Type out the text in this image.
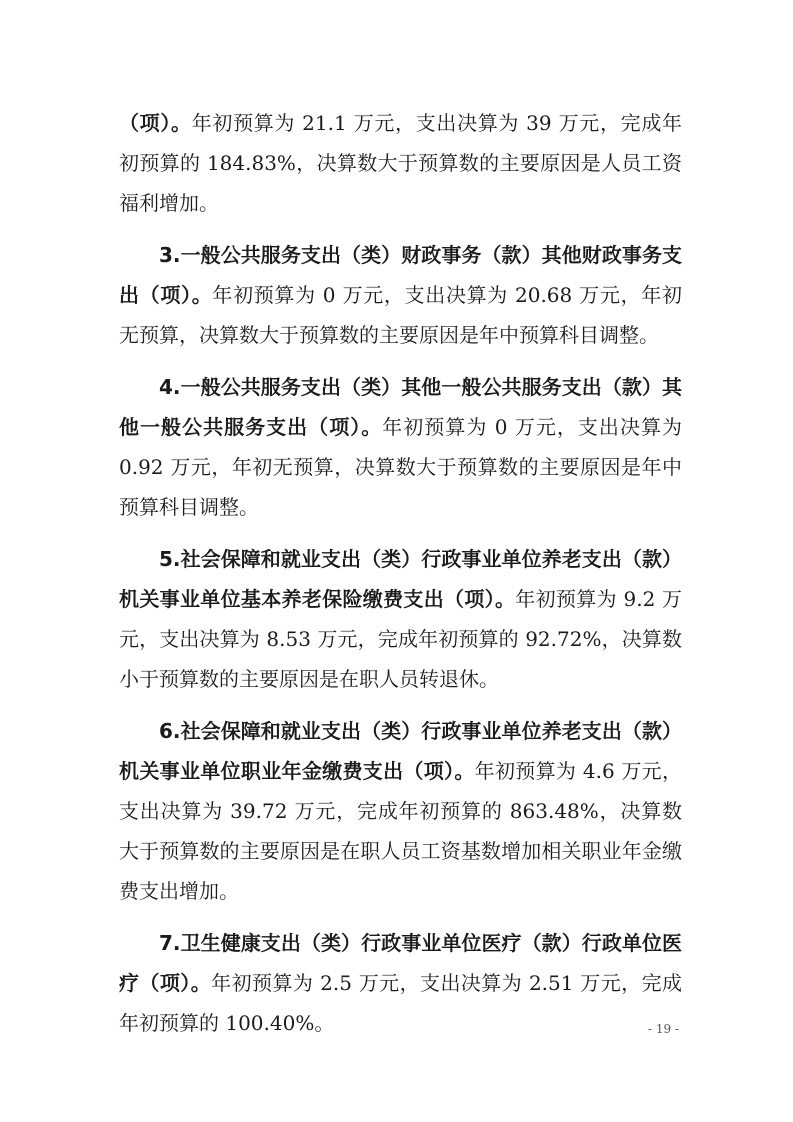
（项）。年初预算为 21.1 万元，支出决算为 39 万元，完成年初预算的 184.83%，决算数大于预算数的主要原因是人员工资福利增加。

3.一般公共服务支出（类）财政事务（款）其他财政事务支出（项）。年初预算为 0 万元，支出决算为 20.68 万元，年初无预算，决算数大于预算数的主要原因是年中预算科目调整。

4.一般公共服务支出（类）其他一般公共服务支出（款）其他一般公共服务支出（项）。年初预算为 0 万元，支出决算为 0.92 万元，年初无预算，决算数大于预算数的主要原因是年中预算科目调整。

5.社会保障和就业支出（类）行政事业单位养老支出（款）机关事业单位基本养老保险缴费支出（项）。年初预算为 9.2 万元，支出决算为 8.53 万元，完成年初预算的 92.72%，决算数小于预算数的主要原因是在职人员转退休。

6.社会保障和就业支出（类）行政事业单位养老支出（款）机关事业单位职业年金缴费支出（项）。年初预算为 4.6 万元，支出决算为 39.72 万元，完成年初预算的 863.48%，决算数大于预算数的主要原因是在职人员工资基数增加相关职业年金缴费支出增加。

7.卫生健康支出（类）行政事业单位医疗（款）行政单位医疗（项）。年初预算为 2.5 万元，支出决算为 2.51 万元，完成年初预算的 100.40%。	- 19 -
